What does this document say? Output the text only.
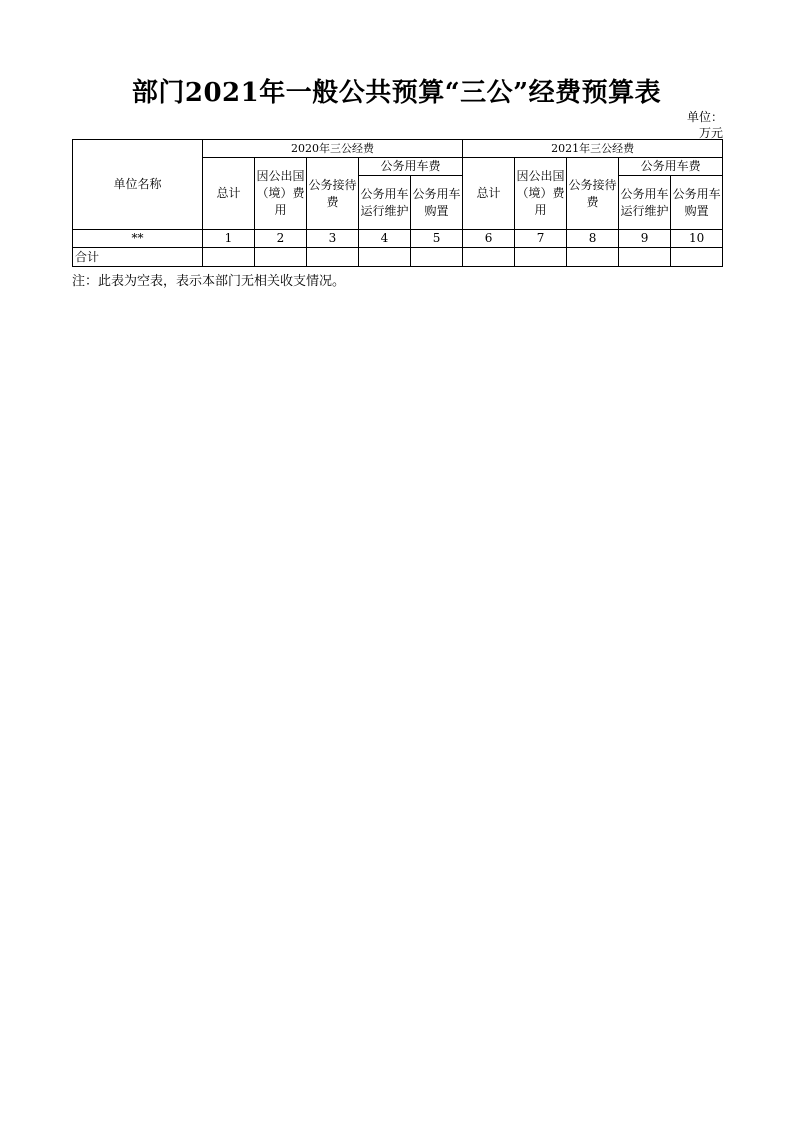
部门2021年一般公共预算“三公”经费预算表
单位：万元
单位名称	2020年三公经费					2021年三公经费				
	总计	因公出国（境）费用	公务接待费	公务用车费		总计	因公出国（境）费用	公务接待费	公务用车费	
				公务用车运行维护	公务用车购置				公务用车运行维护	公务用车购置
**	1	2	3	4	5	6	7	8	9	10
合计										
注：此表为空表，表示本部门无相关收支情况。
